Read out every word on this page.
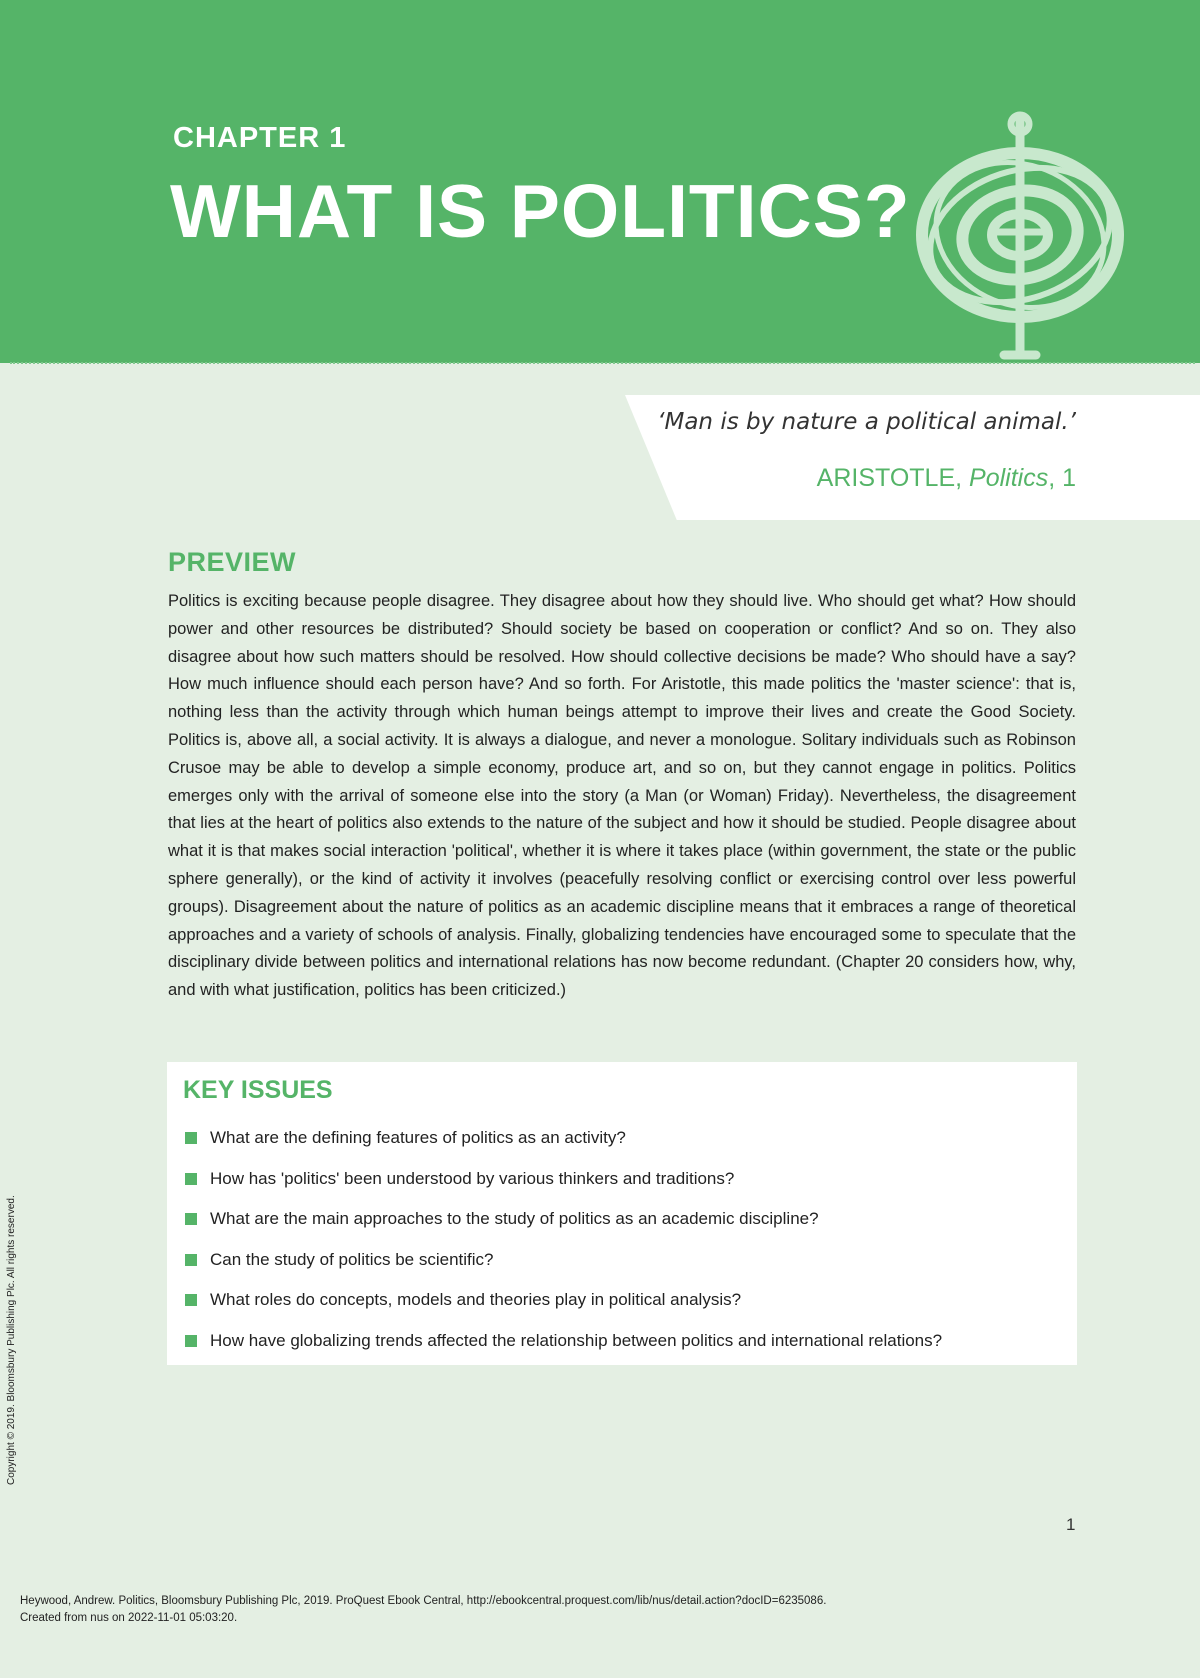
CHAPTER 1
WHAT IS POLITICS?
‘Man is by nature a political animal.’
ARISTOTLE, Politics, 1
PREVIEW

Politics is exciting because people disagree. They disagree about how they should live. Who should get what? How should power and other resources be distributed? Should society be based on cooperation or conflict? And so on. They also disagree about how such matters should be resolved. How should collective decisions be made? Who should have a say? How much influence should each person have? And so forth. For Aristotle, this made politics the 'master science': that is, nothing less than the activity through which human beings attempt to improve their lives and create the Good Society. Politics is, above all, a social activity. It is always a dialogue, and never a monologue. Solitary individuals such as Robinson Crusoe may be able to develop a simple economy, produce art, and so on, but they cannot engage in politics. Politics emerges only with the arrival of someone else into the story (a Man (or Woman) Friday). Nevertheless, the disagreement that lies at the heart of politics also extends to the nature of the subject and how it should be studied. People disagree about what it is that makes social interaction 'political', whether it is where it takes place (within government, the state or the public sphere generally), or the kind of activity it involves (peacefully resolving conflict or exercising control over less powerful groups). Disagreement about the nature of politics as an academic discipline means that it embraces a range of theoretical approaches and a variety of schools of analysis. Finally, globalizing tendencies have encouraged some to speculate that the disciplinary divide between politics and international relations has now become redundant. (Chapter 20 considers how, why, and with what justification, politics has been criticized.)

KEY ISSUES
What are the defining features of politics as an activity?
How has 'politics' been understood by various thinkers and traditions?
What are the main approaches to the study of politics as an academic discipline?
Can the study of politics be scientific?
What roles do concepts, models and theories play in political analysis?
How have globalizing trends affected the relationship between politics and international relations?
Copyright © 2019. Bloomsbury Publishing Plc. All rights reserved.
1
Heywood, Andrew. Politics, Bloomsbury Publishing Plc, 2019. ProQuest Ebook Central, http://ebookcentral.proquest.com/lib/nus/detail.action?docID=6235086.
Created from nus on 2022-11-01 05:03:20.
